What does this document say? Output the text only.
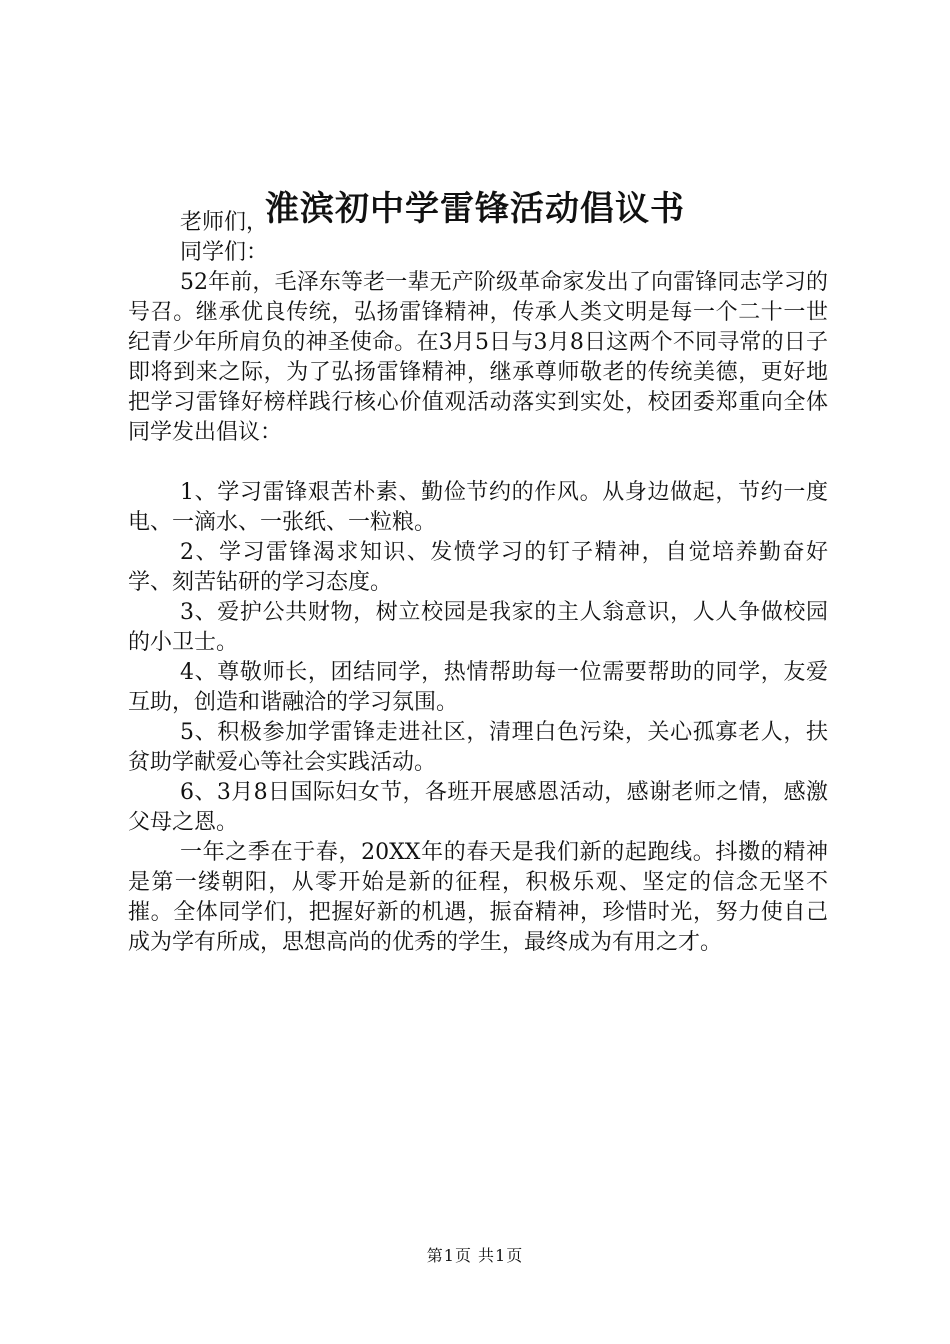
淮滨初中学雷锋活动倡议书

老师们，

同学们：

52年前，毛泽东等老一辈无产阶级革命家发出了向雷锋同志学习的号召。继承优良传统，弘扬雷锋精神，传承人类文明是每一个二十一世纪青少年所肩负的神圣使命。在3月5日与3月8日这两个不同寻常的日子即将到来之际，为了弘扬雷锋精神，继承尊师敬老的传统美德，更好地把学习雷锋好榜样践行核心价值观活动落实到实处，校团委郑重向全体同学发出倡议：

1、学习雷锋艰苦朴素、勤俭节约的作风。从身边做起，节约一度电、一滴水、一张纸、一粒粮。

2、学习雷锋渴求知识、发愤学习的钉子精神，自觉培养勤奋好学、刻苦钻研的学习态度。

3、爱护公共财物，树立校园是我家的主人翁意识，人人争做校园的小卫士。

4、尊敬师长，团结同学，热情帮助每一位需要帮助的同学，友爱互助，创造和谐融洽的学习氛围。

5、积极参加学雷锋走进社区，清理白色污染，关心孤寡老人，扶贫助学献爱心等社会实践活动。

6、3月8日国际妇女节，各班开展感恩活动，感谢老师之情，感激父母之恩。

一年之季在于春，20XX年的春天是我们新的起跑线。抖擞的精神是第一缕朝阳，从零开始是新的征程，积极乐观、坚定的信念无坚不摧。全体同学们，把握好新的机遇，振奋精神，珍惜时光，努力使自己成为学有所成，思想高尚的优秀的学生，最终成为有用之才。

第1页 共1页
